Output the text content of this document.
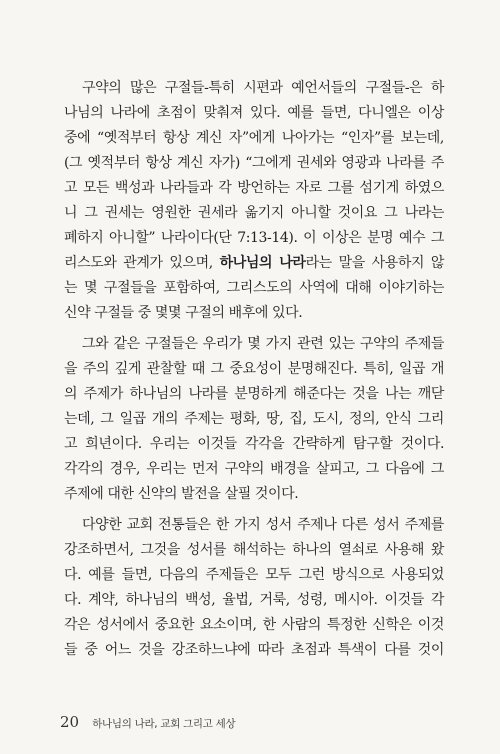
구약의 많은 구절들-특히 시편과 예언서들의 구절들-은 하
나님의 나라에 초점이 맞춰져 있다. 예를 들면, 다니엘은 이상
중에 “옛적부터 항상 계신 자”에게 나아가는 “인자”를 보는데,
(그 옛적부터 항상 계신 자가) “그에게 권세와 영광과 나라를 주
고 모든 백성과 나라들과 각 방언하는 자로 그를 섬기게 하였으
니 그 권세는 영원한 권세라 옮기지 아니할 것이요 그 나라는
폐하지 아니할” 나라이다(단 7:13-14). 이 이상은 분명 예수 그
리스도와 관계가 있으며, 하나님의 나라라는 말을 사용하지 않
는 몇 구절들을 포함하여, 그리스도의 사역에 대해 이야기하는
신약 구절들 중 몇몇 구절의 배후에 있다.
그와 같은 구절들은 우리가 몇 가지 관련 있는 구약의 주제들
을 주의 깊게 관찰할 때 그 중요성이 분명해진다. 특히, 일곱 개
의 주제가 하나님의 나라를 분명하게 해준다는 것을 나는 깨닫
는데, 그 일곱 개의 주제는 평화, 땅, 집, 도시, 정의, 안식 그리
고 희년이다. 우리는 이것들 각각을 간략하게 탐구할 것이다.
각각의 경우, 우리는 먼저 구약의 배경을 살피고, 그 다음에 그
주제에 대한 신약의 발전을 살필 것이다.
다양한 교회 전통들은 한 가지 성서 주제나 다른 성서 주제를
강조하면서, 그것을 성서를 해석하는 하나의 열쇠로 사용해 왔
다. 예를 들면, 다음의 주제들은 모두 그런 방식으로 사용되었
다. 계약, 하나님의 백성, 율법, 거룩, 성령, 메시아. 이것들 각
각은 성서에서 중요한 요소이며, 한 사람의 특정한 신학은 이것
들 중 어느 것을 강조하느냐에 따라 초점과 특색이 다를 것이
20 하나님의 나라, 교회 그리고 세상
